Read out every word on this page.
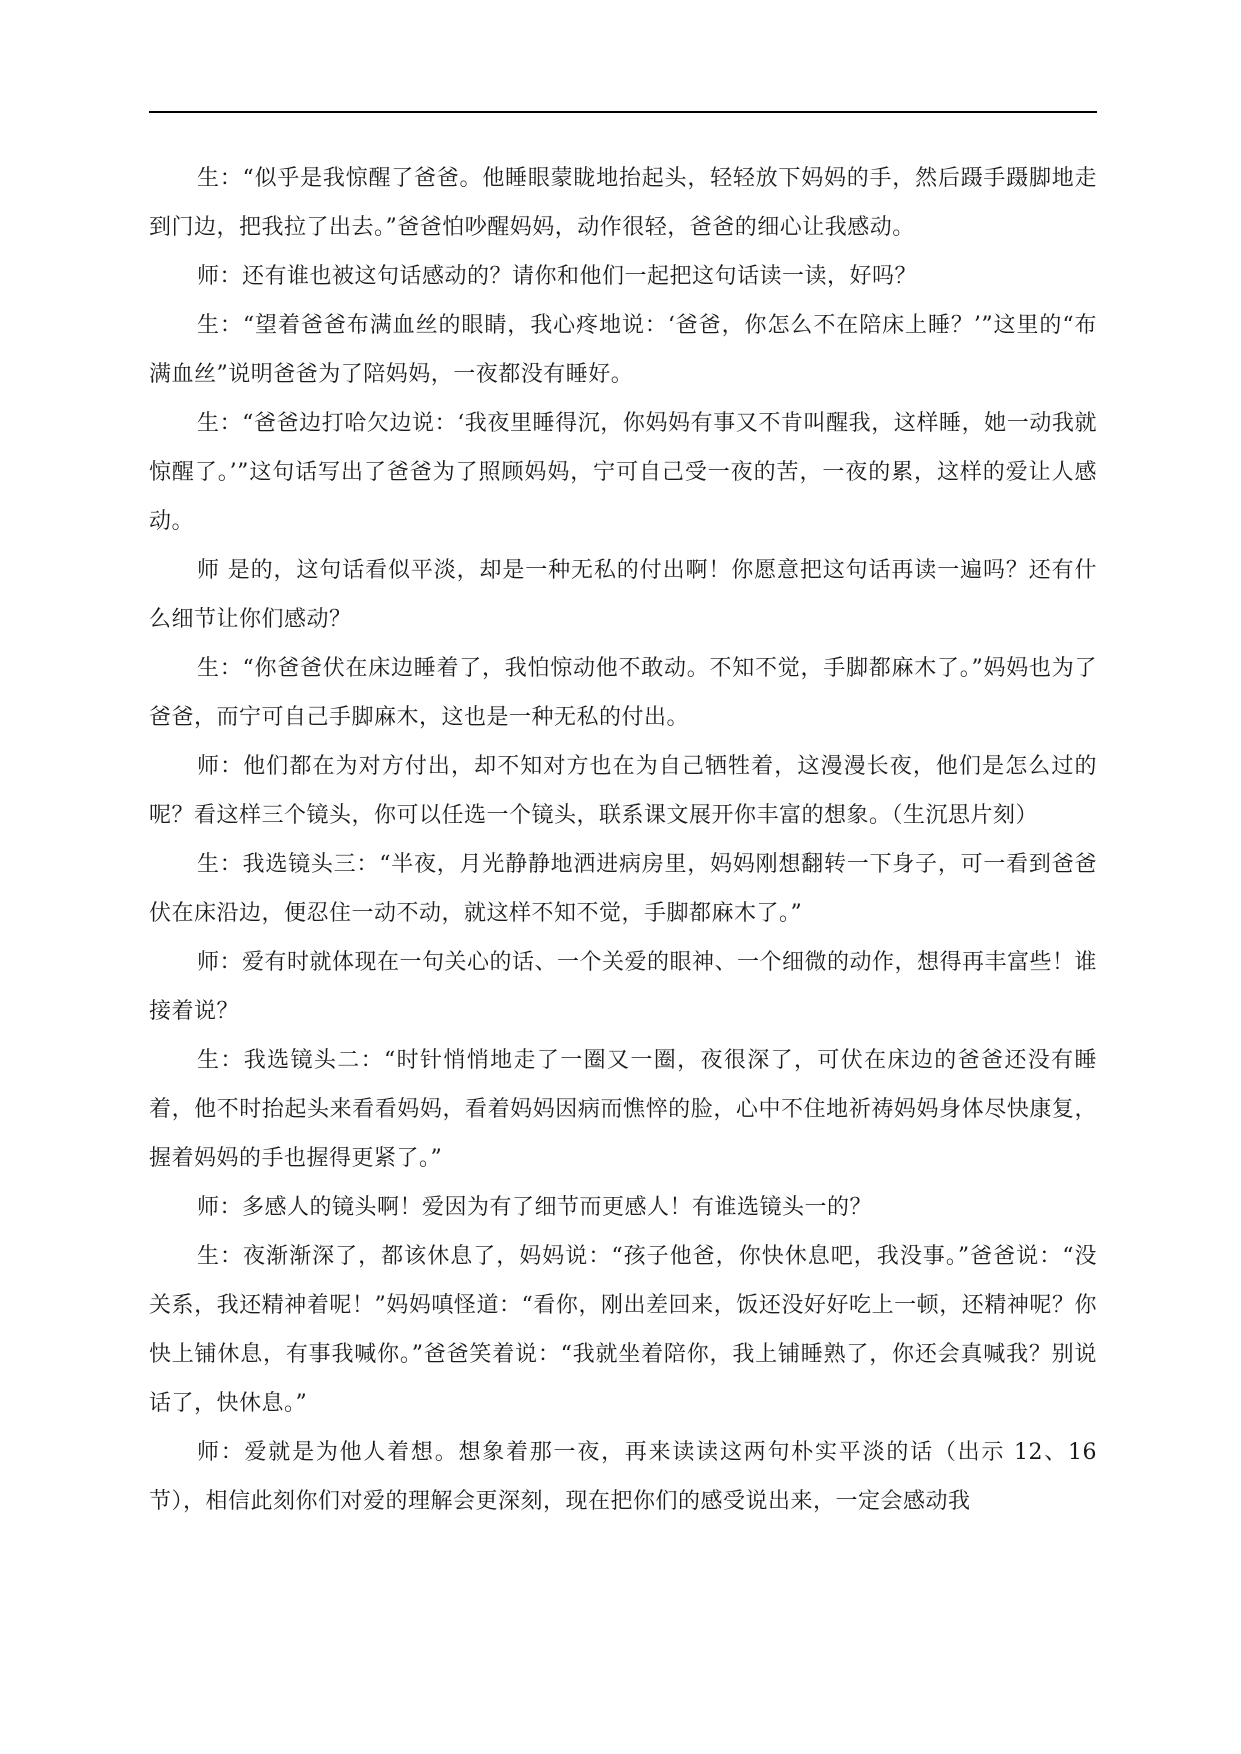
生：“似乎是我惊醒了爸爸。他睡眼蒙眬地抬起头，轻轻放下妈妈的手，然后蹑手蹑脚地走到门边，把我拉了出去。”爸爸怕吵醒妈妈，动作很轻，爸爸的细心让我感动。

师：还有谁也被这句话感动的？请你和他们一起把这句话读一读，好吗？

生：“望着爸爸布满血丝的眼睛，我心疼地说：‘爸爸，你怎么不在陪床上睡？’”这里的“布满血丝”说明爸爸为了陪妈妈，一夜都没有睡好。

生：“爸爸边打哈欠边说：‘我夜里睡得沉，你妈妈有事又不肯叫醒我，这样睡，她一动我就惊醒了。’”这句话写出了爸爸为了照顾妈妈，宁可自己受一夜的苦，一夜的累，这样的爱让人感动。

师 是的，这句话看似平淡，却是一种无私的付出啊！你愿意把这句话再读一遍吗？还有什么细节让你们感动？

生：“你爸爸伏在床边睡着了，我怕惊动他不敢动。不知不觉，手脚都麻木了。”妈妈也为了爸爸，而宁可自己手脚麻木，这也是一种无私的付出。

师：他们都在为对方付出，却不知对方也在为自己牺牲着，这漫漫长夜，他们是怎么过的呢？看这样三个镜头，你可以任选一个镜头，联系课文展开你丰富的想象。（生沉思片刻）

生：我选镜头三：“半夜，月光静静地洒进病房里，妈妈刚想翻转一下身子，可一看到爸爸伏在床沿边，便忍住一动不动，就这样不知不觉，手脚都麻木了。”

师：爱有时就体现在一句关心的话、一个关爱的眼神、一个细微的动作，想得再丰富些！谁接着说？

生：我选镜头二：“时针悄悄地走了一圈又一圈，夜很深了，可伏在床边的爸爸还没有睡着，他不时抬起头来看看妈妈，看着妈妈因病而憔悴的脸，心中不住地祈祷妈妈身体尽快康复，握着妈妈的手也握得更紧了。”

师：多感人的镜头啊！爱因为有了细节而更感人！有谁选镜头一的？

生：夜渐渐深了，都该休息了，妈妈说：“孩子他爸，你快休息吧，我没事。”爸爸说：“没关系，我还精神着呢！”妈妈嗔怪道：“看你，刚出差回来，饭还没好好吃上一顿，还精神呢？你快上铺休息，有事我喊你。”爸爸笑着说：“我就坐着陪你，我上铺睡熟了，你还会真喊我？别说话了，快休息。”

师：爱就是为他人着想。想象着那一夜，再来读读这两句朴实平淡的话（出示 12、16 节），相信此刻你们对爱的理解会更深刻，现在把你们的感受说出来，一定会感动我
